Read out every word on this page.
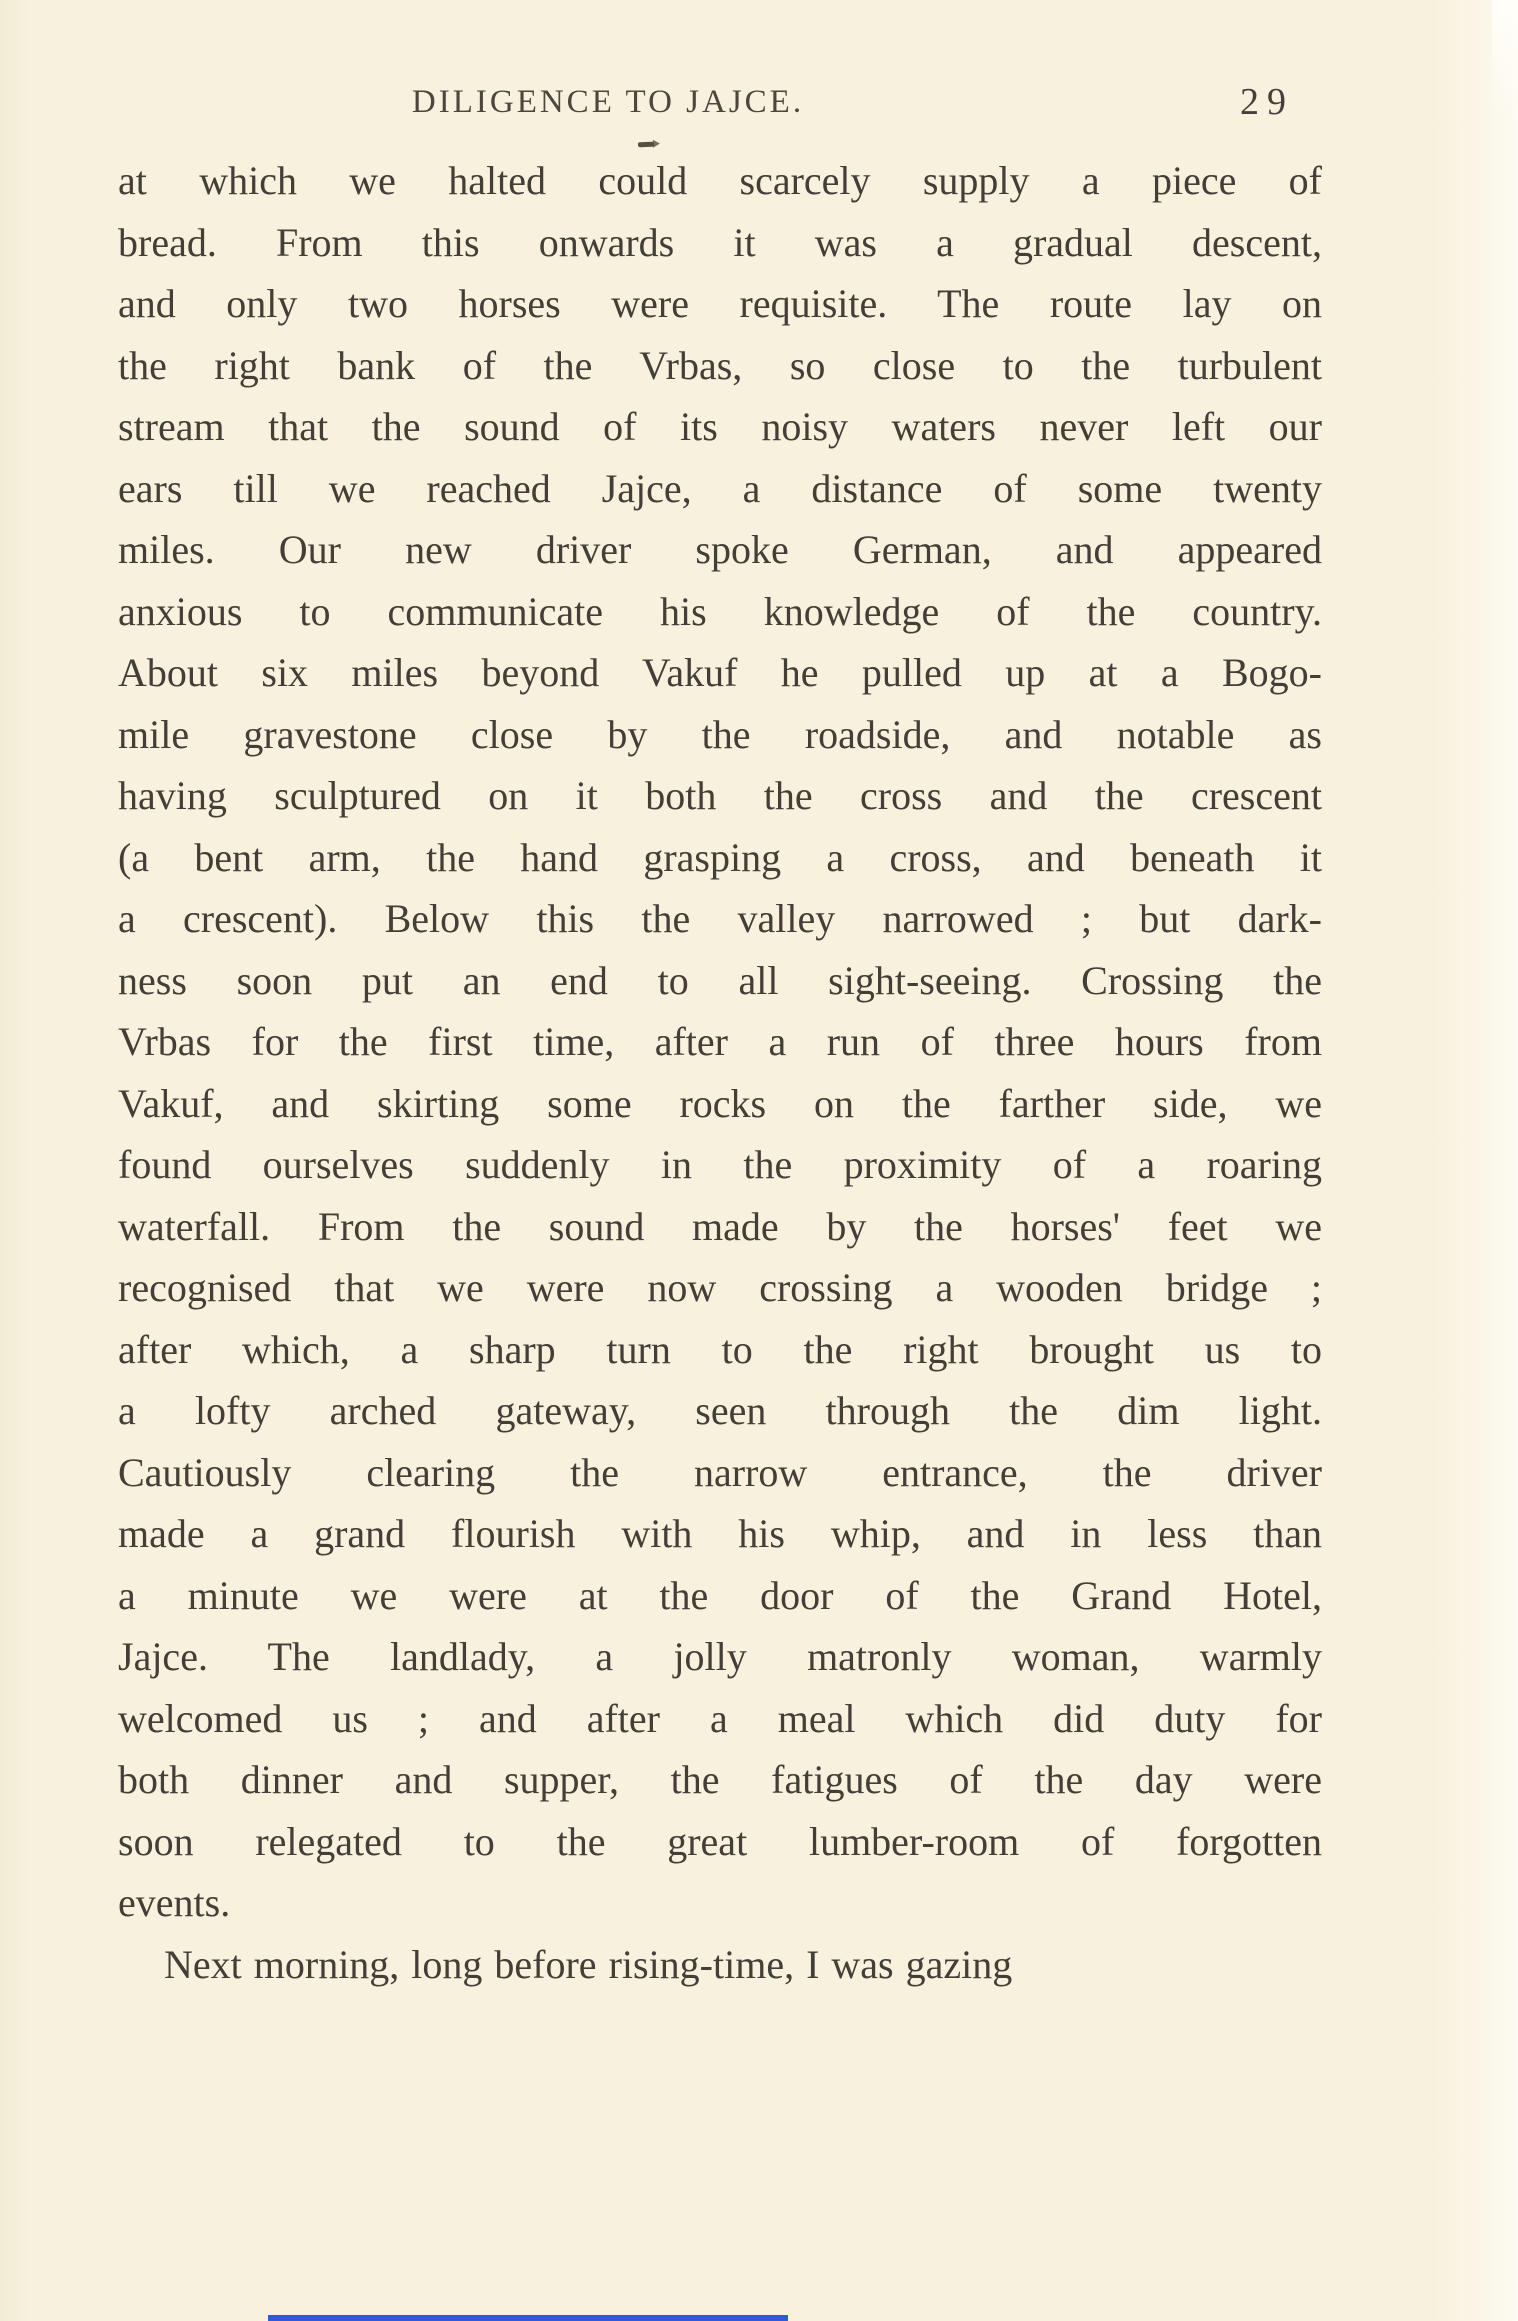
DILIGENCE TO JAJCE.	29
at which we halted could scarcely supply a piece of
bread. From this onwards it was a gradual descent,
and only two horses were requisite. The route lay on
the right bank of the Vrbas, so close to the turbulent
stream that the sound of its noisy waters never left our
ears till we reached Jajce, a distance of some twenty
miles. Our new driver spoke German, and appeared
anxious to communicate his knowledge of the country.
About six miles beyond Vakuf he pulled up at a Bogo-
mile gravestone close by the roadside, and notable as
having sculptured on it both the cross and the crescent
(a bent arm, the hand grasping a cross, and beneath it
a crescent). Below this the valley narrowed ; but dark-
ness soon put an end to all sight-seeing. Crossing the
Vrbas for the first time, after a run of three hours from
Vakuf, and skirting some rocks on the farther side, we
found ourselves suddenly in the proximity of a roaring
waterfall. From the sound made by the horses' feet we
recognised that we were now crossing a wooden bridge ;
after which, a sharp turn to the right brought us to
a lofty arched gateway, seen through the dim light.
Cautiously clearing the narrow entrance, the driver
made a grand flourish with his whip, and in less than
a minute we were at the door of the Grand Hotel,
Jajce. The landlady, a jolly matronly woman, warmly
welcomed us ; and after a meal which did duty for
both dinner and supper, the fatigues of the day were
soon relegated to the great lumber-room of forgotten
events.
Next morning, long before rising-time, I was gazing
